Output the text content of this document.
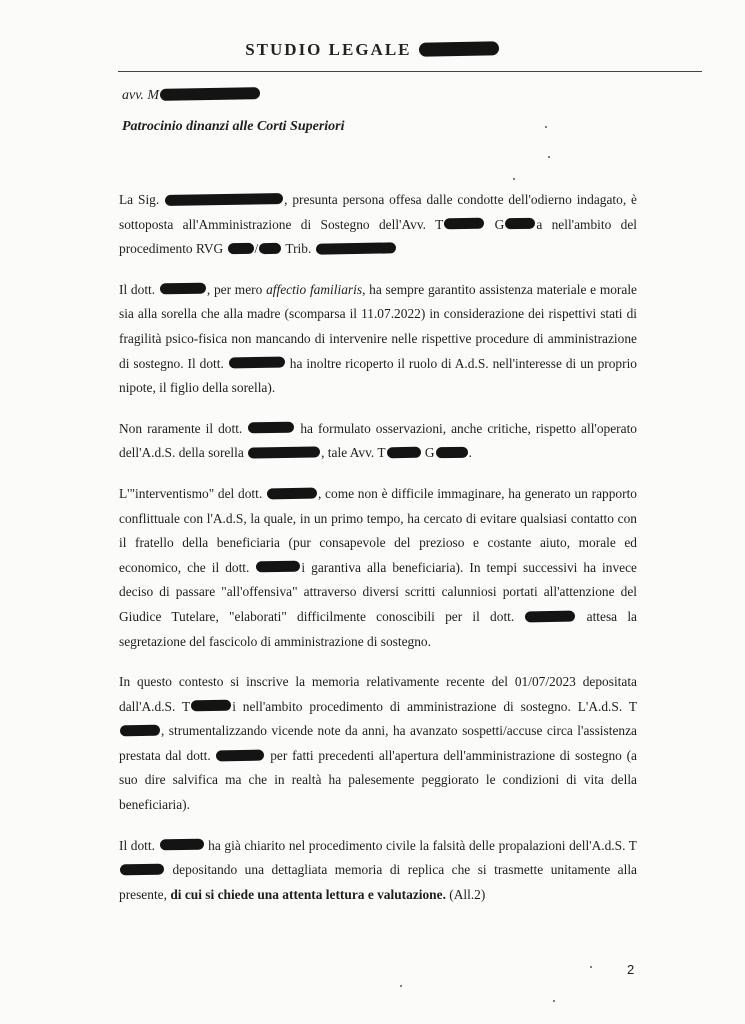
STUDIO LEGALE
avv. M
Patrocinio dinanzi alle Corti Superiori

La Sig.	, presunta persona offesa dalle condotte dell'odierno indagato, è sottoposta all'Amministrazione di Sostegno dell'Avv. T	G a nell'ambito del procedimento RVG / Trib.

Il dott.	, per mero affectio familiaris, ha sempre garantito assistenza materiale e morale sia alla sorella che alla madre (scomparsa il 11.07.2022) in considerazione dei rispettivi stati di fragilità psico-fisica non mancando di intervenire nelle rispettive procedure di amministrazione di sostegno. Il dott.	ha inoltre ricoperto il ruolo di A.d.S. nell'interesse di un proprio nipote, il figlio della sorella).

Non raramente il dott.	ha formulato osservazioni, anche critiche, rispetto all'operato dell'A.d.S. della sorella	, tale Avv. T	G	.

L'"interventismo" del dott.	, come non è difficile immaginare, ha generato un rapporto conflittuale con l'A.d.S, la quale, in un primo tempo, ha cercato di evitare qualsiasi contatto con il fratello della beneficiaria (pur consapevole del prezioso e costante aiuto, morale ed economico, che il dott.	i garantiva alla beneficiaria). In tempi successivi ha invece deciso di passare "all'offensiva" attraverso diversi scritti calunniosi portati all'attenzione del Giudice Tutelare, "elaborati" difficilmente conoscibili per il dott.	attesa la segretazione del fascicolo di amministrazione di sostegno.

In questo contesto si inscrive la memoria relativamente recente del 01/07/2023 depositata dall'A.d.S. T	i nell'ambito procedimento di amministrazione di sostegno. L'A.d.S. T, strumentalizzando vicende note da anni, ha avanzato sospetti/accuse circa l'assistenza prestata dal dott.	per fatti precedenti all'apertura dell'amministrazione di sostegno (a suo dire salvifica ma che in realtà ha palesemente peggiorato le condizioni di vita della beneficiaria).

Il dott.	ha già chiarito nel procedimento civile la falsità delle propalazioni dell'A.d.S. T depositando una dettagliata memoria di replica che si trasmette unitamente alla presente, di cui si chiede una attenta lettura e valutazione. (All.2)

2
